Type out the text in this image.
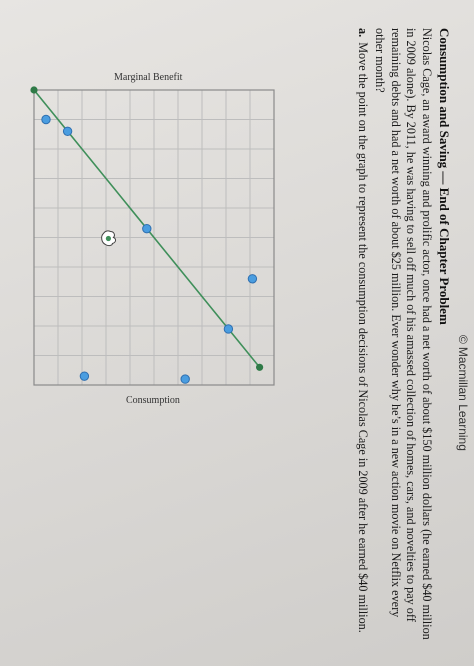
©Macmillan Learning
Consumption and Saving — End of Chapter Problem
Nicolas Cage, an award winning and prolific actor, once had a net worth of about $150 million dollars (he earned $40 million in 2009 alone). By 2011, he was having to sell off much of his amassed collection of homes, cars, and novelties to pay off remaining debts and had a net worth of about $25 million. Ever wonder why he’s in a new action movie on Netflix every other month?
a. Move the point on the graph to represent the consumption decisions of Nicolas Cage in 2009 after he earned $40 million.
Marginal Benefit
Consumption
